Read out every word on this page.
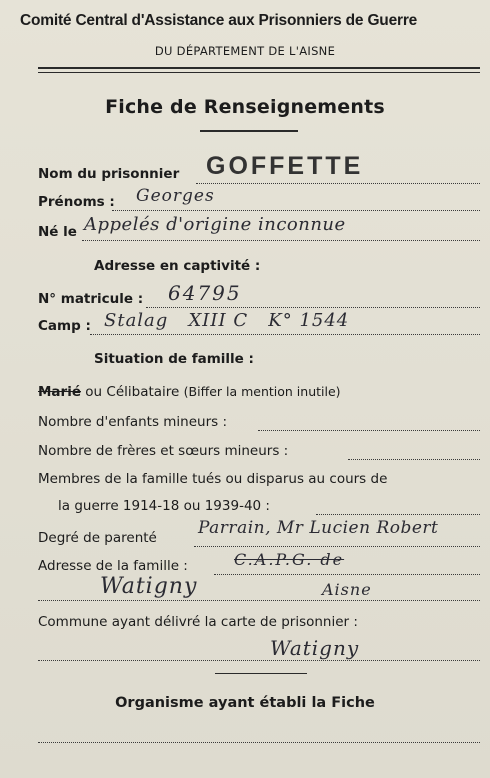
Comité Central d'Assistance aux Prisonniers de Guerre
DU DÉPARTEMENT DE L'AISNE
Fiche de Renseignements
Nom du prisonnier GOFFETTE
Prénoms : Georges
Né le Appelés d'origine inconnue
Adresse en captivité :
N° matricule : 64795
Camp : Stalag   XIII C   K° 1544
Situation de famille :
Marié ou Célibataire (Biffer la mention inutile)
Nombre d'enfants mineurs :
Nombre de frères et sœurs mineurs :
Membres de la famille tués ou disparus au cours de
la guerre 1914-18 ou 1939-40 :
Degré de parenté Parrain, Mr Lucien Robert
Adresse de la famille :	C.A.P.G. de
Watigny	Aisne
Commune ayant délivré la carte de prisonnier :
Watigny
Organisme ayant établi la Fiche
